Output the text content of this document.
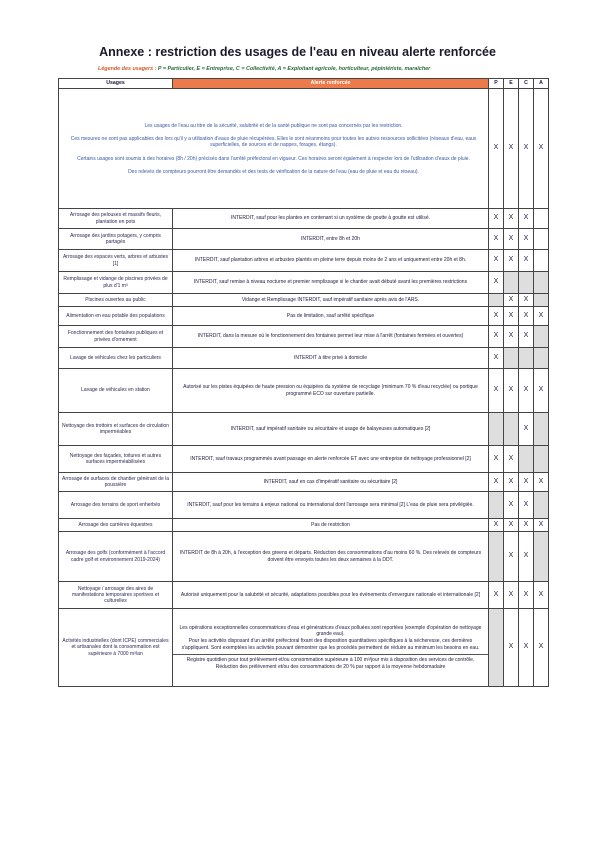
Annexe : restriction des usages de l'eau en niveau alerte renforcée
Légende des usagers : P = Particulier, E = Entreprise, C = Collectivité, A = Exploitant agricole, horticulteur, pépiniériste, maraîcher
Usages	Alerte renforcée	P	E	C	A

Les usages de l'eau au titre de la sécurité, salubrité et de la santé publique ne sont pas concernés par les restriction.

Ces mesures ne sont pas applicables des lors qu'il y a utilisation d'eaux de pluie récupérées. Elles le sont néanmoins pour toutes les autres ressources sollicitées (réseaux d'eau, eaux superficielles, de sources et de nappes, forages, étangs).

Certains usages sont soumis à des horaires (8h / 20h) précisés dans l'arrêté préfectoral en vigueur. Ces horaires seront également à respecter lors de l'utilisation d'eaux de pluie.

Des relevés de compteurs pourront être demandés et des tests de vérification de la nature de l'eau (eau de pluie et eau du réseau).		X	X	X	X
Arrosage des pelouses et massifs fleuris, plantation en pots	INTERDIT, sauf pour les plantes en contenant si un système de goutte à goutte est utilisé.	X	X	X	
Arrosage des jardins potagers, y compris partagés	INTERDIT, entre 8h et 20h	X	X	X	
Arrosage des espaces verts, arbres et arbustes [1]	INTERDIT, sauf plantation arbres et arbustes plantés en pleine terre depuis moins de 2 ans et uniquement entre 20h et 8h.	X	X	X	
Remplissage et vidange de piscines privées de plus d'1 m³	INTERDIT, sauf remise à niveau nocturne et premier remplissage si le chantier avait débuté avant les premières restrictions	X			
Piscines ouvertes au public	Vidange et Remplissage INTERDIT, sauf impératif sanitaire après avis de l'ARS.		X	X	
Alimentation en eau potable des populations	Pas de limitation, sauf arrêté spécifique	X	X	X	X
Fonctionnement des fontaines publiques et privées d'ornement	INTERDIT, dans la mesure où le fonctionnement des fontaines permet leur mise à l'arrêt (fontaines fermées et ouvertes)	X	X	X	
Lavage de véhicules chez les particuliers	INTERDIT à titre privé à domicile	X			
Lavage de véhicules en station	Autorisé sur les pistes équipées de haute pression ou équipées du système de recyclage (minimum 70 % d'eau recyclée) ou portique programmé ECO sur ouverture partielle.	X	X	X	X
Nettoyage des trottoirs et surfaces de circulation imperméables	INTERDIT, sauf impératif sanitaire ou sécuritaire et usage de balayeuses automatiques [2]			X	
Nettoyage des façades, toitures et autres surfaces imperméabilisées	INTERDIT, sauf travaux programmés avant passage en alerte renforcée ET avec une entreprise de nettoyage professionnel [2]	X	X		
Arrosage de surfaces de chantier générant de la poussière	INTERDIT, sauf en cas d'impératif sanitaire ou sécuritaire [2]	X	X	X	X
Arrosage des terrains de sport enherbés	INTERDIT, sauf pour les terrains à enjeux national ou international dont l'arrosage sera minimal [2] L'eau de pluie sera privilégiée.		X	X	
Arrosage des carrières équestres	Pas de restriction	X	X	X	X
Arrosage des golfs (conformément à l'accord cadre golf et environnement 2019-2024)	INTERDIT de 8h à 20h, à l'exception des greens et départs. Réduction des consommations d'au moins 60 %. Des relevés de compteurs doivent être envoyés toutes les deux semaines à la DDT.		X	X	
Nettoyage / arrosage des aires de manifestations temporaires sportives et culturelles	Autorisé uniquement pour la salubrité et sécurité, adaptations possibles pour les évènements d'envergure nationale et internationale [2]	X	X	X	X
Activités industrielles (dont ICPE) commerciales et artisanales dont la consommation est supérieure à 7000 m³/an	Les opérations exceptionnelles consommatrices d'eau et génératrices d'eaux polluées sont reportées (exemple d'opération de nettoyage grande eau).

Pour les activités disposant d'un arrêté préfectoral fixant des disposition quantitatives spécifiques à la sécheresse, ces dernières s'appliquent. Sont exemptées les activités pouvant démontrer que les procédés permettent de réduire au minimum les besoins en eau.

Registre quotidien pour tout prélèvement et/ou consommation supérieure à 100 m³/jour mis à disposition des services de contrôle.

Réduction des prélèvement et/ou des consommations de 20 % par rapport à la moyenne hebdomadaire		X	X	X
